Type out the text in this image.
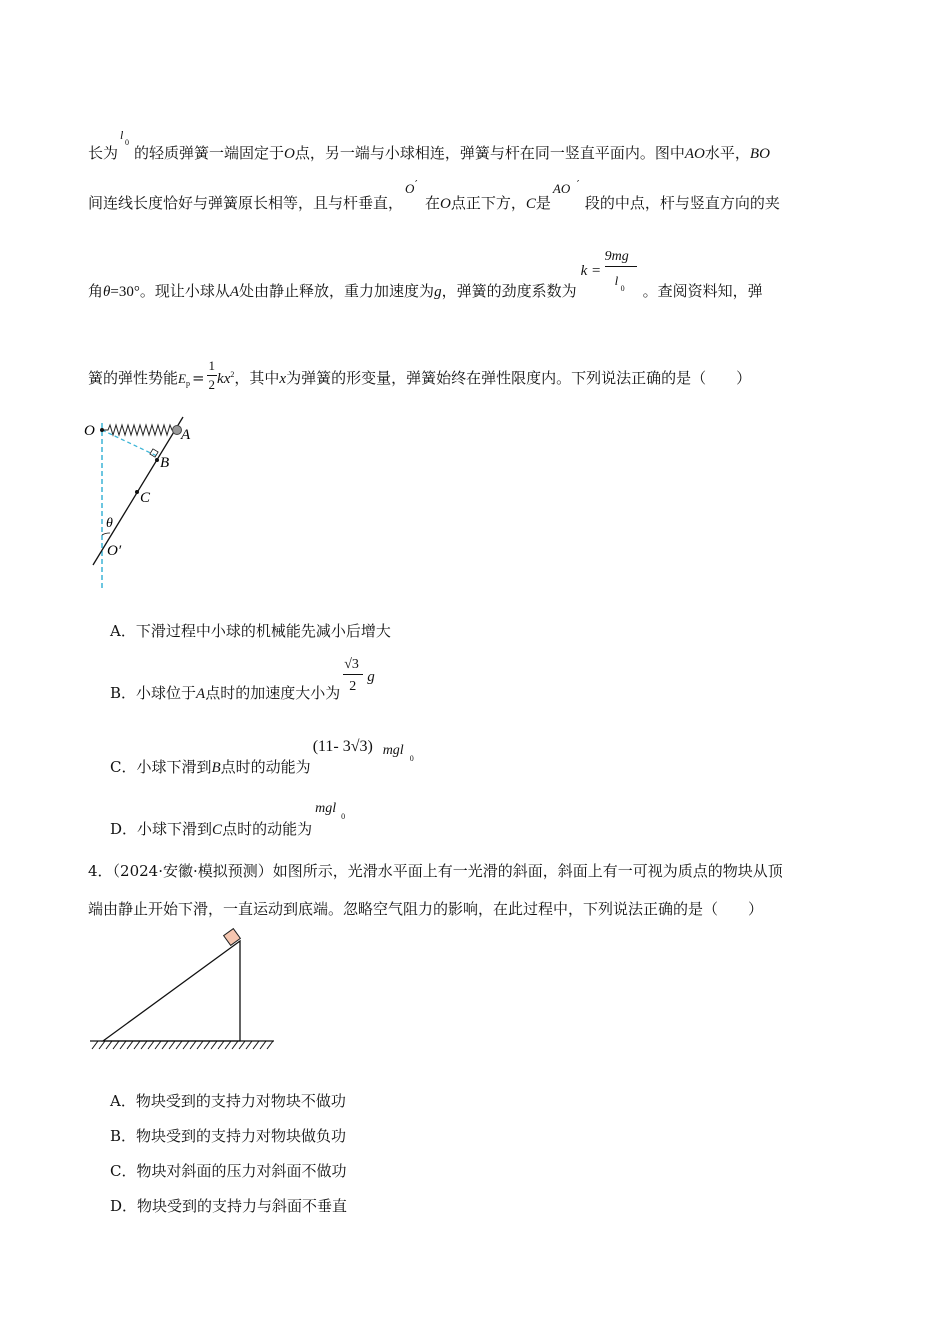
长为
l
0
的轻质弹簧一端固定于O点，另一端与小球相连，弹簧与杆在同一竖直平面内。图中AO水平，BO
间连线长度恰好与弹簧原长相等，且与杆垂直，
O ′
在O点正下方，C是
AO ′
段的中点，杆与竖直方向的夹
角θ=30°。现让小球从A处由静止释放，重力加速度为g，弹簧的劲度系数为
k =
9mg
l
0 。查阅资料知，弹
簧的弹性势能$E_p = \frac{1}{2} kx^2$，其中x为弹簧的形变量，弹簧始终在弹性限度内。下列说法正确的是（　　）
O	A
B
C
θ
O′
A．下滑过程中小球的机械能先减小后增大
B．小球位于A点时的加速度大小为
√3
2
g
C．小球下滑到B点时的动能为
(11- 3√3) mgl
0
D．小球下滑到C点时的动能为
mgl
0
4．（2024·安徽·模拟预测）如图所示，光滑水平面上有一光滑的斜面，斜面上有一可视为质点的物块从顶
端由静止开始下滑，一直运动到底端。忽略空气阻力的影响，在此过程中，下列说法正确的是（　　）
A．物块受到的支持力对物块不做功
B．物块受到的支持力对物块做负功
C．物块对斜面的压力对斜面不做功
D．物块受到的支持力与斜面不垂直
